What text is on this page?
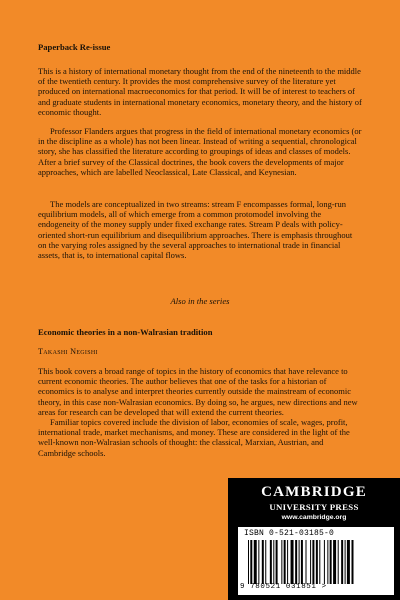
Paperback Re-issue

This is a history of international monetary thought from the end of the nineteenth to the middle of the twentieth century. It provides the most comprehensive survey of the literature yet produced on international macroeconomics for that period. It will be of interest to teachers of and graduate students in international monetary economics, monetary theory, and the history of economic thought.

Professor Flanders argues that progress in the field of international monetary economics (or in the discipline as a whole) has not been linear. Instead of writing a sequential, chronological story, she has classified the literature according to groupings of ideas and classes of models. After a brief survey of the Classical doctrines, the book covers the developments of major approaches, which are labelled Neoclassical, Late Classical, and Keynesian.

The models are conceptualized in two streams: stream F encompasses formal, long-run equilibrium models, all of which emerge from a common protomodel involving the endogeneity of the money supply under fixed exchange rates. Stream P deals with policy-oriented short-run equilibrium and disequilibrium approaches. There is emphasis throughout on the varying roles assigned by the several approaches to international trade in financial assets, that is, to international capital flows.

Also in the series
Economic theories in a non-Walrasian tradition
Takashi Negishi

This book covers a broad range of topics in the history of economics that have relevance to current economic theories. The author believes that one of the tasks for a historian of economics is to analyse and interpret theories currently outside the mainstream of economic theory, in this case non-Walrasian economics. By doing so, he argues, new directions and new areas for research can be developed that will extend the current theories.

Familiar topics covered include the division of labor, economies of scale, wages, profit, international trade, market mechanisms, and money. These are considered in the light of the well-known non-Walrasian schools of thought: the classical, Marxian, Austrian, and Cambridge schools.

CAMBRIDGE
UNIVERSITY PRESS
www.cambridge.org
ISBN 0-521-03185-0
9 780521 031851 >
